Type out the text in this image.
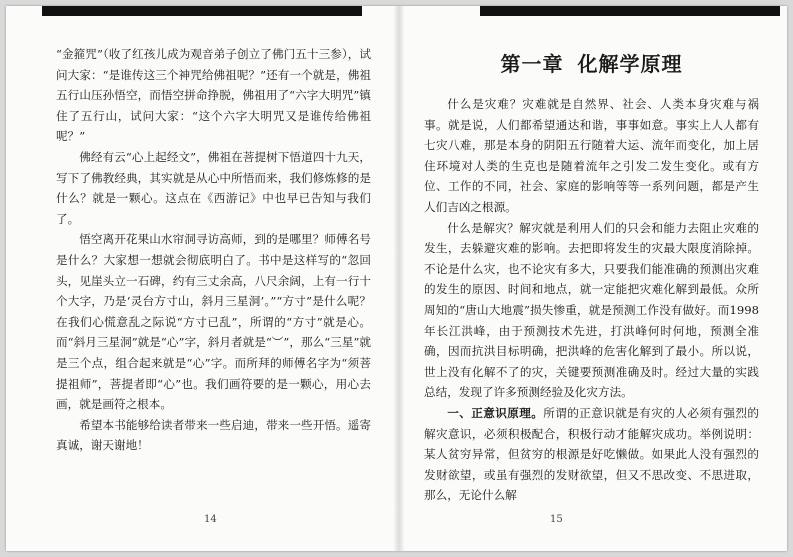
“金箍咒”（收了红孩儿成为观音弟子创立了佛门五十三参），试问大家：“是谁传这三个神咒给佛祖呢？”还有一个就是，佛祖五行山压孙悟空，而悟空拼命挣脱，佛祖用了“六字大明咒”镇住了五行山，试问大家：“这个六字大明咒又是谁传给佛祖呢？”

佛经有云“心上起经文”，佛祖在菩提树下悟道四十九天，写下了佛教经典，其实就是从心中所悟而来，我们修炼修的是什么？就是一颗心。这点在《西游记》中也早已告知与我们了。

悟空离开花果山水帘洞寻访高师，到的是哪里？师傅名号是什么？大家想一想就会彻底明白了。书中是这样写的“忽回头，见崖头立一石碑，约有三丈余高，八尺余阔，上有一行十个大字，乃是‘灵台方寸山，斜月三星洞’。”“方寸”是什么呢？在我们心慌意乱之际说“方寸已乱”，所谓的“方寸”就是心。而“斜月三星洞”就是“心”字，斜月者就是“︶”，那么“三星”就是三个点，组合起来就是“心”字。而所拜的师傅名字为“须菩提祖师”，菩提者即“心”也。我们画符要的是一颗心，用心去画，就是画符之根本。

希望本书能够给读者带来一些启迪，带来一些开悟。遥寄真诚，谢天谢地！

14
第一章 化解学原理

什么是灾难？灾难就是自然界、社会、人类本身灾难与祸事。就是说，人们都希望通达和谐，事事如意。事实上人人都有七灾八难，那是本身的阴阳五行随着大运、流年而变化，加上居住环境对人类的生克也是随着流年之引发二发生变化。或有方位、工作的不同，社会、家庭的影响等等一系列问题，都是产生人们吉凶之根源。

什么是解灾？解灾就是利用人们的只会和能力去阻止灾难的发生，去躲避灾难的影响。去把即将发生的灾最大限度消除掉。不论是什么灾，也不论灾有多大，只要我们能准确的预测出灾难的发生的原因、时间和地点，就一定能把灾难化解到最低。众所周知的“唐山大地震”损失惨重，就是预测工作没有做好。而1998年长江洪峰，由于预测技术先进，打洪峰何时何地，预测全准确，因而抗洪目标明确，把洪峰的危害化解到了最小。所以说，世上没有化解不了的灾，关键要预测准确及时。经过大量的实践总结，发现了许多预测经验及化灾方法。

一、正意识原理。所谓的正意识就是有灾的人必须有强烈的解灾意识，必须积极配合，积极行动才能解灾成功。举例说明：某人贫穷异常，但贫穷的根源是好吃懒做。如果此人没有强烈的发财欲望，或虽有强烈的发财欲望，但又不思改变、不思进取，那么，无论什么解

15
